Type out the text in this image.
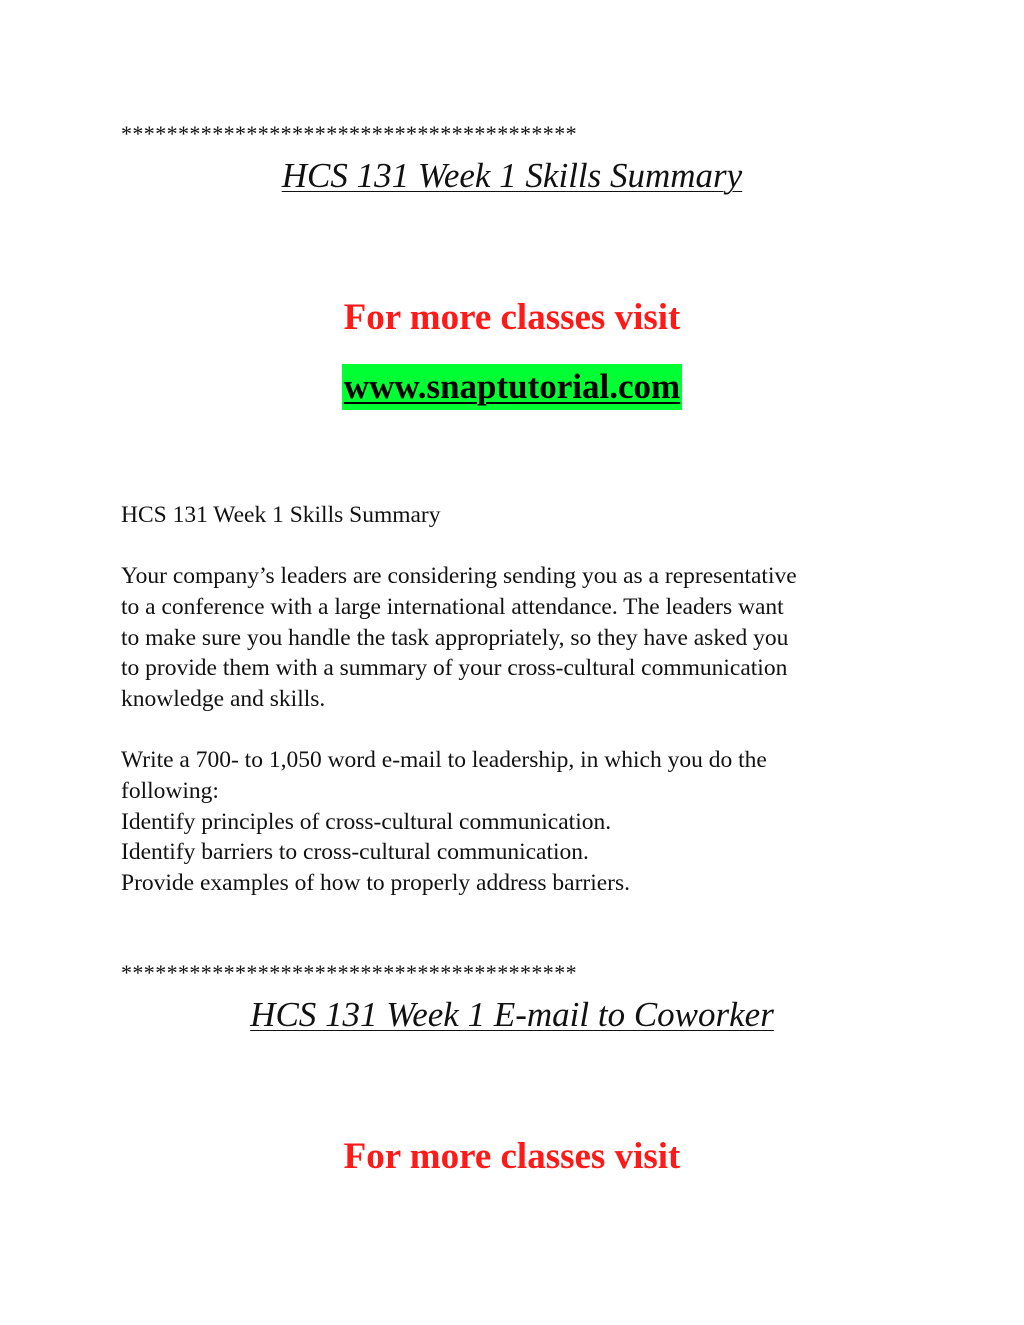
****************************************
HCS 131 Week 1 Skills Summary
For more classes visit
www.snaptutorial.com
HCS 131 Week 1 Skills Summary

Your company’s leaders are considering sending you as a representative

to a conference with a large international attendance. The leaders want

to make sure you handle the task appropriately, so they have asked you

to provide them with a summary of your cross-cultural communication

knowledge and skills.

Write a 700- to 1,050 word e-mail to leadership, in which you do the

following:

Identify principles of cross-cultural communication.

Identify barriers to cross-cultural communication.

Provide examples of how to properly address barriers.

****************************************
HCS 131 Week 1 E-mail to Coworker
For more classes visit
